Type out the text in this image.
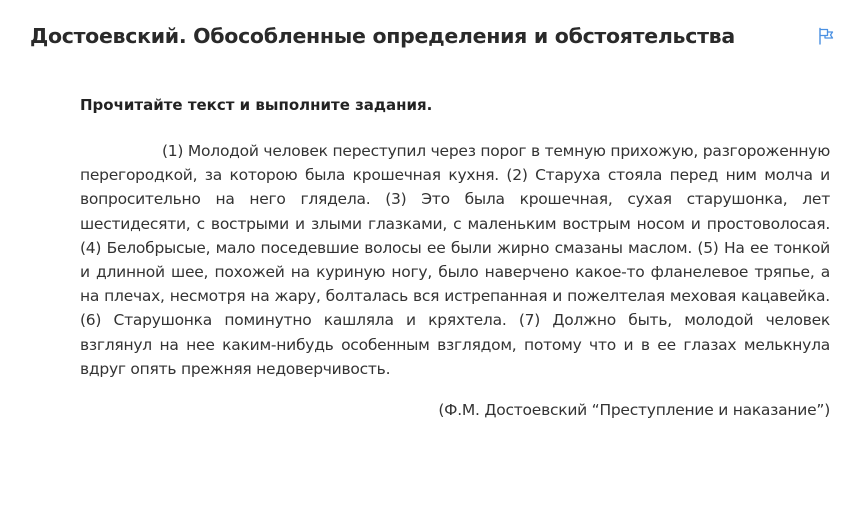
Достоевский. Обособленные определения и обстоятельства

Прочитайте текст и выполните задания.

(1) Молодой человек переступил через порог в темную прихожую, разгороженную перегородкой, за которою была крошечная кухня. (2) Старуха стояла перед ним молча и вопросительно на него глядела. (3) Это была крошечная, сухая старушонка, лет шестидесяти, с вострыми и злыми глазками, с маленьким вострым носом и простоволосая. (4) Белобрысые, мало поседевшие волосы ее были жирно смазаны маслом. (5) На ее тонкой и длинной шее, похожей на куриную ногу, было наверчено какое-то фланелевое тряпье, а на плечах, несмотря на жару, болталась вся истрепанная и пожелтелая меховая кацавейка. (6) Старушонка поминутно кашляла и кряхтела. (7) Должно быть, молодой человек взглянул на нее каким-нибудь особенным взглядом, потому что и в ее глазах мелькнула вдруг опять прежняя недоверчивость.

(Ф.М. Достоевский “Преступление и наказание”)
